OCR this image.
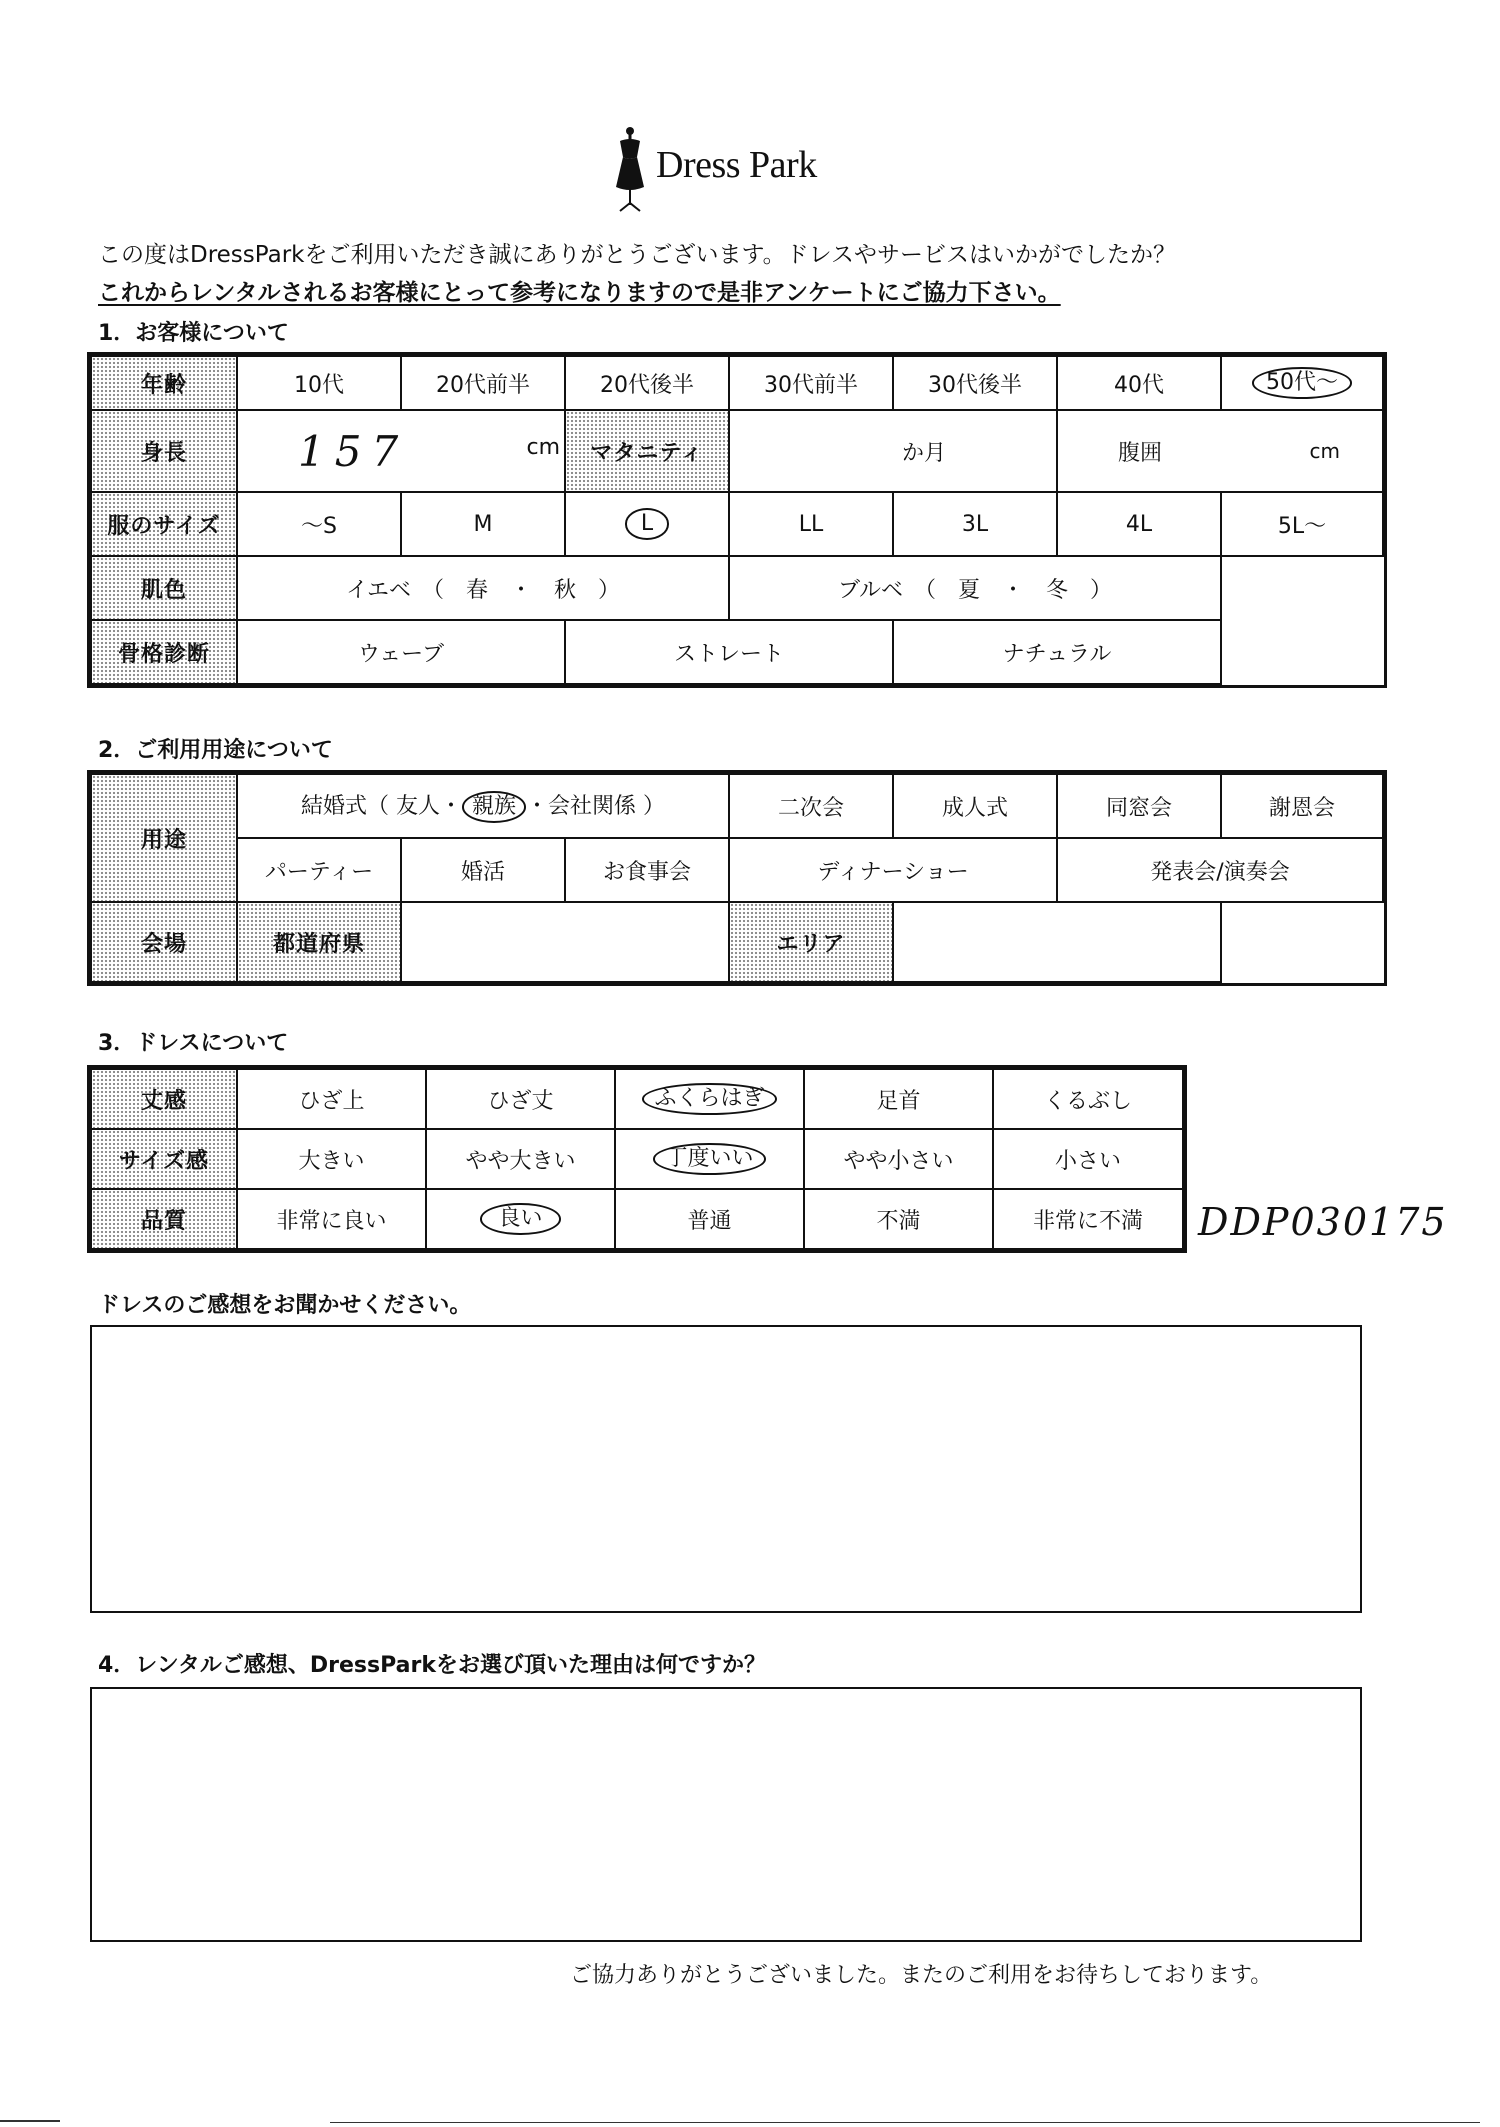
Dress Park
この度はDressParkをご利用いただき誠にありがとうございます。ドレスやサービスはいかがでしたか？
これからレンタルされるお客様にとって参考になりますので是非アンケートにご協力下さい。
1．お客様について
年齢	10代	20代前半	20代後半	30代前半	30代後半	40代	50代～
身長	157 cm		マタニティ	か月		腹囲 cm	

服のサイズ	～S	M	L	LL	3L	4L	5L～
肌色	イエベ　（　春　・　秋　）			ブルベ　（　夏　・　冬　）			
骨格診断	ウェーブ		ストレート		ナチュラル		
2．ご利用用途について
用途	結婚式（ 友人・ 親族 ・会社関係 ）			二次会	成人式	同窓会	謝恩会
	パーティー	婚活	お食事会	ディナーショー		発表会/演奏会	
会場	都道府県			エリア			
3．ドレスについて
丈感	ひざ上	ひざ丈	ふくらはぎ	足首	くるぶし
サイズ感	大きい	やや大きい	丁度いい	やや小さい	小さい
品質	非常に良い	良い	普通	不満	非常に不満 DDP030175
ドレスのご感想をお聞かせください。
4．レンタルご感想、DressParkをお選び頂いた理由は何ですか？
ご協力ありがとうございました。またのご利用をお待ちしております。
